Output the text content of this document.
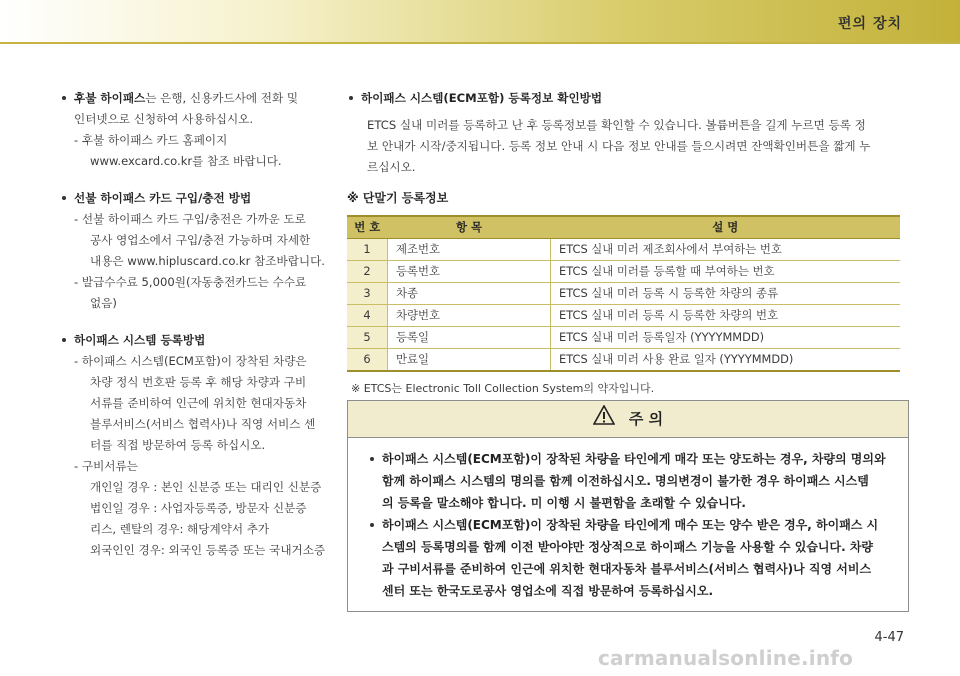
편의 장치
후불 하이패스는 은행, 신용카드사에 전화 및
인터넷으로 신청하여 사용하십시오.
- 후불 하이패스 카드 홈페이지
www.excard.co.kr를 참조 바랍니다.
선불 하이패스 카드 구입/충전 방법
- 선불 하이패스 카드 구입/충전은 가까운 도로
공사 영업소에서 구입/충전 가능하며 자세한
내용은 www.hipluscard.co.kr 참조바랍니다.
- 발급수수료 5,000원(자동충전카드는 수수료
없음)
하이패스 시스템 등록방법
- 하이패스 시스템(ECM포함)이 장착된 차량은
차량 정식 번호판 등록 후 해당 차량과 구비
서류를 준비하여 인근에 위치한 현대자동차
블루서비스(서비스 협력사)나 직영 서비스 센
터를 직접 방문하여 등록 하십시오.
- 구비서류는
개인일 경우 : 본인 신분증 또는 대리인 신분증
법인일 경우 : 사업자등록증, 방문자 신분증
리스, 렌탈의 경우: 해당계약서 추가
외국인인 경우: 외국인 등록증 또는 국내거소증
하이패스 시스템(ECM포함) 등록정보 확인방법
ETCS 실내 미러를 등록하고 난 후 등록정보를 확인할 수 있습니다. 볼륨버튼을 길게 누르면 등록 정
보 안내가 시작/중지됩니다. 등록 정보 안내 시 다음 정보 안내를 들으시려면 잔액확인버튼을 짧게 누
르십시오.
※ 단말기 등록정보
번 호	항 목	설 명
1	제조번호	ETCS 실내 미러 제조회사에서 부여하는 번호
2	등록번호	ETCS 실내 미러를 등록할 때 부여하는 번호
3	차종	ETCS 실내 미러 등록 시 등록한 차량의 종류
4	차량번호	ETCS 실내 미러 등록 시 등록한 차량의 번호
5	등록일	ETCS 실내 미러 등록일자 (YYYYMMDD)
6	만료일	ETCS 실내 미러 사용 완료 일자 (YYYYMMDD)
※ ETCS는 Electronic Toll Collection System의 약자입니다.
주 의
하이패스 시스템(ECM포함)이 장착된 차량을 타인에게 매각 또는 양도하는 경우, 차량의 명의와
함께 하이패스 시스템의 명의를 함께 이전하십시오. 명의변경이 불가한 경우 하이패스 시스템
의 등록을 말소해야 합니다. 미 이행 시 불편함을 초래할 수 있습니다.
하이패스 시스템(ECM포함)이 장착된 차량을 타인에게 매수 또는 양수 받은 경우, 하이패스 시
스템의 등록명의를 함께 이전 받아야만 정상적으로 하이패스 기능을 사용할 수 있습니다. 차량
과 구비서류를 준비하여 인근에 위치한 현대자동차 블루서비스(서비스 협력사)나 직영 서비스
센터 또는 한국도로공사 영업소에 직접 방문하여 등록하십시오.
4-47
carmanualsonline.info
